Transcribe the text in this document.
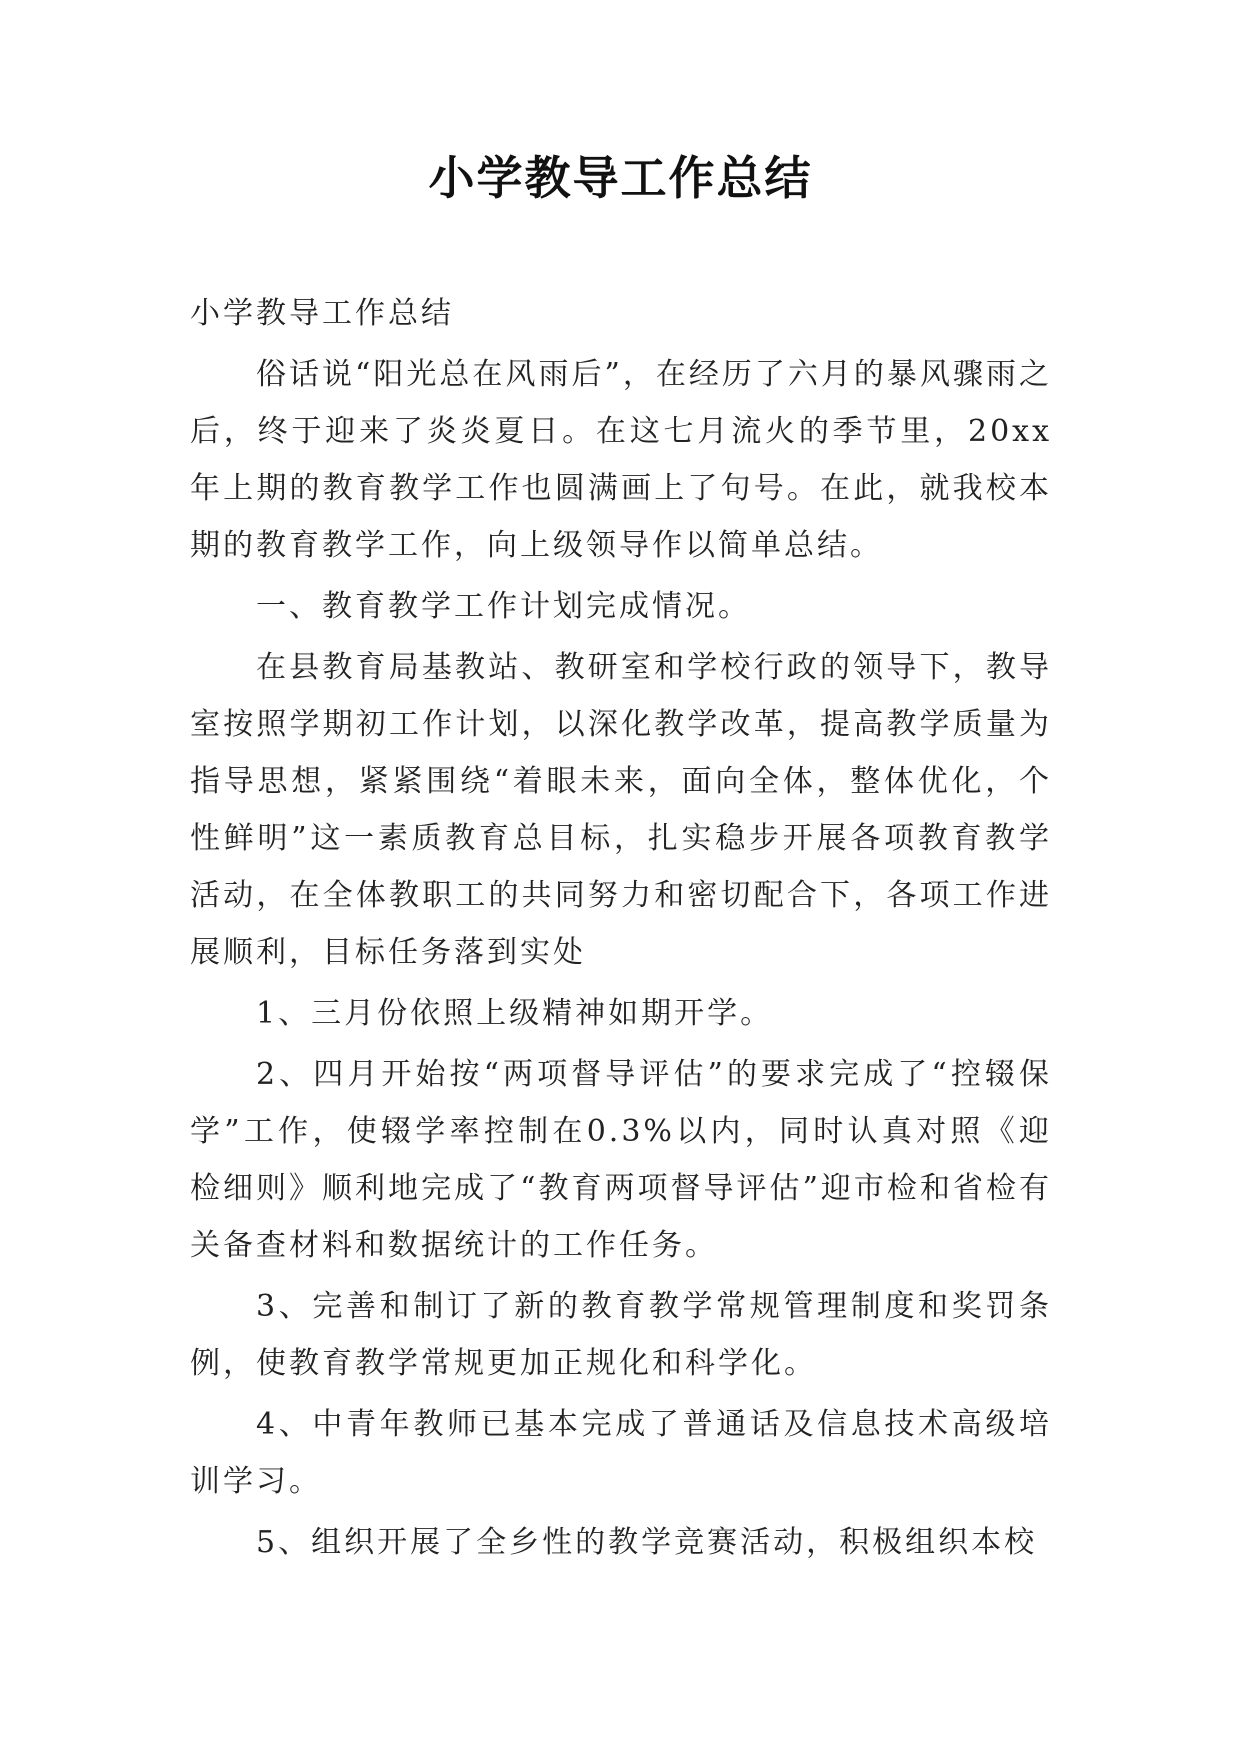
小学教导工作总结

小学教导工作总结

俗话说“阳光总在风雨后”，在经历了六月的暴风骤雨之后，终于迎来了炎炎夏日。在这七月流火的季节里，20xx年上期的教育教学工作也圆满画上了句号。在此，就我校本期的教育教学工作，向上级领导作以简单总结。

一、教育教学工作计划完成情况。

在县教育局基教站、教研室和学校行政的领导下，教导室按照学期初工作计划，以深化教学改革，提高教学质量为指导思想，紧紧围绕“着眼未来，面向全体，整体优化，个性鲜明”这一素质教育总目标，扎实稳步开展各项教育教学活动，在全体教职工的共同努力和密切配合下，各项工作进展顺利，目标任务落到实处

1、三月份依照上级精神如期开学。

2、四月开始按“两项督导评估”的要求完成了“控辍保学”工作，使辍学率控制在0.3%以内，同时认真对照《迎检细则》顺利地完成了“教育两项督导评估”迎市检和省检有关备查材料和数据统计的工作任务。

3、完善和制订了新的教育教学常规管理制度和奖罚条例，使教育教学常规更加正规化和科学化。

4、中青年教师已基本完成了普通话及信息技术高级培训学习。

5、组织开展了全乡性的教学竞赛活动，积极组织本校
